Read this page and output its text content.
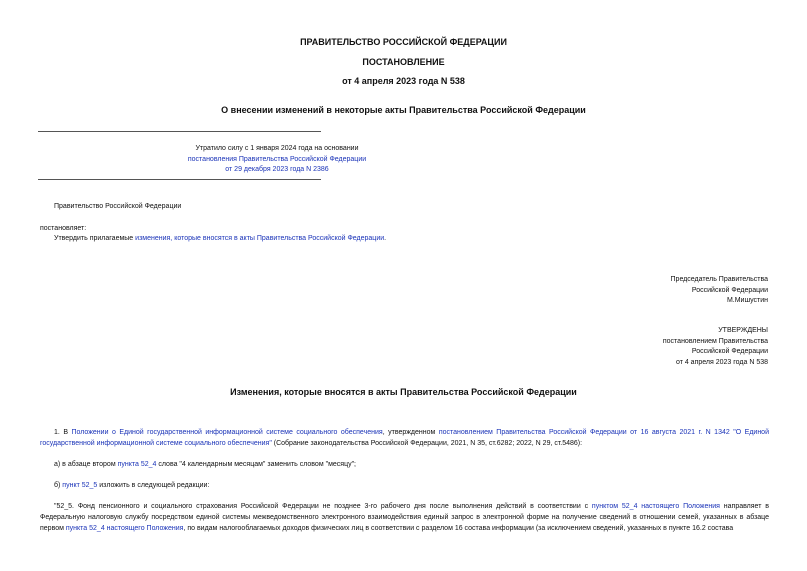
ПРАВИТЕЛЬСТВО РОССИЙСКОЙ ФЕДЕРАЦИИ
ПОСТАНОВЛЕНИЕ
от 4 апреля 2023 года N 538
О внесении изменений в некоторые акты Правительства Российской Федерации
Утратило силу с 1 января 2024 года на основании
постановления Правительства Российской Федерации
от 29 декабря 2023 года N 2386
Правительство Российской Федерации
постановляет:
Утвердить прилагаемые изменения, которые вносятся в акты Правительства Российской Федерации.
Председатель Правительства
Российской Федерации
М.Мишустин
УТВЕРЖДЕНЫ
постановлением Правительства
Российской Федерации
от 4 апреля 2023 года N 538
Изменения, которые вносятся в акты Правительства Российской Федерации
1. В Положении о Единой государственной информационной системе социального обеспечения, утвержденном постановлением Правительства Российской Федерации от 16 августа 2021 г. N 1342 "О Единой государственной информационной системе социального обеспечения" (Собрание законодательства Российской Федерации, 2021, N 35, ст.6282; 2022, N 29, ст.5486):
а) в абзаце втором пункта 52_4 слова "4 календарным месяцам" заменить словом "месяцу";
б) пункт 52_5 изложить в следующей редакции:
"52_5. Фонд пенсионного и социального страхования Российской Федерации не позднее 3-го рабочего дня после выполнения действий в соответствии с пунктом 52_4 настоящего Положения направляет в Федеральную налоговую службу посредством единой системы межведомственного электронного взаимодействия единый запрос в электронной форме на получение сведений в отношении семей, указанных в абзаце первом пункта 52_4 настоящего Положения, по видам налогооблагаемых доходов физических лиц в соответствии с разделом 16 состава информации (за исключением сведений, указанных в пункте 16.2 состава
